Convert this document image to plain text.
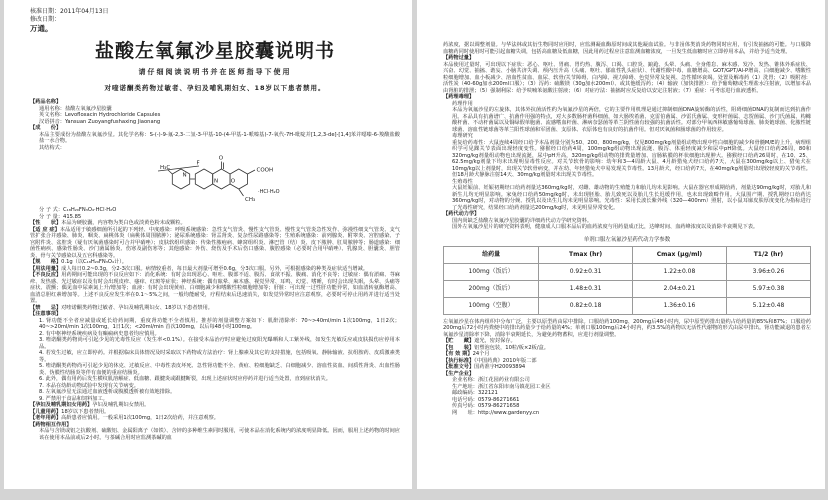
核准日期：2011年04月13日
修改日期：
万通。
盐酸左氧氟沙星胶囊说明书
请仔细阅读说明书并在医师指导下使用
对喹诺酮类药物过敏者、孕妇及哺乳期妇女、18岁以下患者禁用。
【药品名称】
通用名称：盐酸左氧氟沙星胶囊
英文名称：Levofloxacin Hydrochloride Capsules
汉语拼音：Yansuan Zuoyangfushaxing Jiaonang
【成　　份】
本品主要成份为盐酸左氧氟沙星。其化学名称：S-(-)-9-氟-2,3-二氢-3-甲基-10-(4-甲基-1-哌嗪基)-7-氧代-7H-吡啶并[1,2,3-de]-[1,4]苯并噁嗪-6-羧酸盐酸盐一水合物。
其结构式：
H₃C
F
O
COOH
N
N O
CH₃
·HCl·H₂O
分 子 式：C₁₈H₂₀FN₃O₄·HCl·H₂O
分 子 量：415.85
【性　　状】本品为硬胶囊，内容物为类白色或淡黄色粉末或颗粒。
【适 应 症】本品适用于敏感细菌所引起的下列轻、中度感染：呼吸系统感染：急性支气管炎、慢性支气管炎、慢性支气管炎急性发作、弥漫性细支气管炎、支气管扩张合并感染、肺炎、咽炎、扁桃体炎（扁桃体周围脓肿）；泌尿系统感染：肾盂肾炎、复杂性尿路感染等；生殖系统感染：前列腺炎、附睾炎、宫腔感染、子宫附件炎、盆腔炎（疑有厌氧菌感染时可合并甲硝唑）；皮肤软组织感染：传染性脓疱病、蜂窝组织炎、淋巴管（结）炎、皮下脓肿、肛周脓肿等；肠道感染：细菌性痢疾、感染性肠炎、沙门菌属肠炎、伤寒及副伤寒等；其他感染：外伤、烧伤及手术后伤口感染、腹腔感染（必要时合用甲硝唑）、乳腺炎、胆囊炎、胆管炎、骨与关节感染以及五官科感染等。
【规　　格】0.1g（以C₁₈H₂₀FN₃O₄计）。
【用法用量】成人每日0.2~0.3g，分2-3次口服。病情较重者，每日最大剂量可增至0.6g，分3次口服。另外，可根据感染的种类及症状适当增减。
【不良反应】用药期间可能出现的不良反应如下：消化系统：有时会出现恶心、呕吐、腹部不适、腹泻、食欲不振、腹痛、消化不良等；过敏症：偶有淤癍、荨麻疹、发热感、光过敏症以及有时会出现皮疹、瘙痒、红斑等症状；神经系统：偶有眩晕、麻木感、视觉异常、耳鸣、幻觉、嗜睡，有时会出现失眠、头晕、头痛等症状、震颤；偶见血中尿素氮上升/增加等；血液：有时会出现黄疸、白细胞减少和嗜酸性粒细胞增加等；肝脏：可出现一过性肝功能异常，如血清转氨酶增高、血清总胆红素增加等。上述不良反应发生率在0.1～5%之间，一般均能耐受，疗程结束后迅速消失，如发觉异常时应注意观察，必要时可停止用药并进行适当处置。
【禁　　忌】对喹诺酮类药物过敏者、孕妇及哺乳期妇女、18岁以下患者禁用。
【注意事项】
1. 肾功能不全者应减量或延长给药间期，重度肾功能不全者慎用。推荐的剂量调整方案如下：肌酐清除率：70~>40ml/min 1次100mg，1日2次；40~>20ml/min 1次100mg，1日1次；<20ml/min 首次100mg，以后每48小时100mg。
2. 有中枢神经系统疾病及有癫痫病史患者均应慎用。
3. 喹诺酮类药物尚可引起少见的光毒性反应（发生率<0.1%）。在接受本品治疗时应避免过度阳光曝晒和人工紫外线，如发生光敏反应或皮肤损伤应停用本品。
4. 若发生过敏，应立即停药。并根据临床具体情况及时采取以下药物或方法治疗：肾上腺素及其它的支持措施，包括吸氧、静脉输液、抗组胺药、皮质激素类等。
5. 喹诺酮类药物尚可引起少见的休克、过敏反应、中毒性表皮坏死、急性肾功能不全、黄疸、粒细胞缺乏、白细胞减少、溶血性贫血、间质性肾炎、出血性肠炎、伪膜性结肠炎等伴有血便的重症结肠炎。
6. 此外，偶有用药后发生横纹肌溶解症、低血糖、跟腱炎或跟腱断裂，出现上述症状时应停药并进行适当处置，直到症状消失。
7. 本品在幼龄动物试验中发现有关节病变。
8. 左氧氟沙星无法通过血液透析或腹膜透析被有效地排除。
9. 严禁用于食品和饲料加工。
【孕妇及哺乳期妇女用药】孕妇及哺乳期妇女禁用。
【儿童用药】18岁以下患者禁用。
【老年用药】高龄患者应慎用。一般采用1次100mg，1日2次给药，并注意观察。
【药物相互作用】
本品与含镁或铝之抗酸剂、硫酸铝、金属阳离子（如铁）、含锌的多种维生素同时服用，可使本品在消化系统内的浓度明显降低。因而，服用上述药物的时间应该在使用本品前或后2小时。与茶碱合用时应监测茶碱的血
药浓度，据以调整剂量。与华法林或其衍生物同时应用时，应监测凝血酶原时间或其他凝血试验。与非甾体类消炎药物同时应用，有引发抽搐的可能。与口服降血糖药同时使用时可能引起血糖失调，包括高血糖及低血糖，因此用药过程应注意监测血糖浓度，一旦发生低血糖时应立即停用本品，并给予适当处理。
【药物过量】
本品使用过量时，可出现以下症状：恶心、呕吐、胃痛、胃灼热、腹泻、口渴、口腔炎、踉跄、头晕、头痛、全身倦怠、麻木感、发冷、发热、锥体外系症状、兴奋、幻觉、抽搐、谵妄、小脑共济失调、颅内压升高（头痛、呕吐、郁血性乳头症状）、代谢性酸中毒、血糖增高、GOT/GPT/Al-P增高、白细胞减少、嗜酸性粒细胞增加、血小板减少、溶血性贫血、血尿、软骨/关节障碍、白内障、视力障碍、色觉异常及复视、急性循环衰竭。处置及解毒药（1）洗胃；（2）吸附剂：活性炭（40-60g加水200ml口服）；（3）泻药：硫酸镁（30g加水200ml）、或其他缓泻药；（4）输液（加快排泄）：给予葡萄糖或生理盐水注射液，以增加本品由肾脏的排泄；（5）强制利尿：给予呋喃苯氨酸注射液；（6）对症疗法：抽搐时应反复给以安定注射液；（7）重症：可考虑进行血液透析。
【药理毒理】
药理作用
本品为氧氟沙星的左旋体，其体外抗菌活性约为氧氟沙星的两倍，它的主要作用机理是通过抑制细菌DNA旋转酶的活性，阻碍细菌DNA的复制而达到抗菌作用。本品具有抗菌谱广、抗菌作用强的特点，对大多数肠杆菌科细菌，如大肠埃希菌、克雷伯菌属、沙雷氏菌属、变形杆菌属、志贺菌属、沙门氏菌属、构橼酸杆菌、不动杆菌属以及铜绿假单胞菌、流感嗜血杆菌、淋病奈瑟菌等革兰阴性菌有较强的抗菌活性。对部分甲氧西林敏感葡萄球菌、肺炎链球菌、化脓性链球菌、溶血性链球菌等革兰阳性球菌和军团菌、支原体、衣原体也有良好的抗菌作用。但对厌氧菌和肠球菌的作用较差。
毒理研究
重复给药毒性：大鼠连续4周经口给予本品剂量分别为50、200、800mg/kg，仅见800mg/kg剂量组动物出现中性白细胞的减少和骨髓M/E的上升。病理组织学可见踝关节表面出现轻度变性。猕猴经口给药4周，100mg/kg组动物出现流涎、腹泻、体重轻度减少和尿中pH降低。大鼠经口给药26周，80和320mg/kg剂量组动物也出现流涎，尿中pH升高，320mg/kg组动物的排粪量增加、盲肠粘膜的杯状细胞出现肿大。猕猴经口给药26周时，在10、25、62.5mg/kg剂量下均未出现明显毒性反应。对关节软骨的影响：幼年和3—4周龄大鼠、4月龄猎兔犬经口给药7天，大鼠在300mg/kg以上、猎兔犬在10mg/kg以上剂量时，出现关节软骨病变，并在幼、年轻猎兔犬中易发现关节毒性。13月龄犬，经口给药7天，在40mg/kg剂量时出现较轻度的关节毒性。但18月龄犬静脉注射14天、30mg/kg剂量时未出现关节毒性。
生殖毒性
大鼠妊娠前、妊娠初期经口给药剂量达360mg/kg时，对雌、雄动物的生殖能力和胎儿均未见影响。大鼠在器官形成期给药，剂量达90mg/kg时，对胎儿和新生儿均无明显影响。家兔经口给药50mg/kg时，未出现胚胎、胎儿致死以及胎儿生长迟缓作用，也未出现致畸作用。大鼠围产期、授乳期经口给药达360mg/kg时，对动物的分娩、授乳以及出生儿均未见明显影响。光毒性：采用长波长紫外线（320—400nm）照射，以小鼠耳廓皮肤厚度变化为指标进行了光毒性研究，结果经口给药剂量达200mg/kg时，未见明显异常变化。
【药代动力学】
国内尚缺乏盐酸左氧氟沙星胶囊的详细药代动力学研究资料。
国外左氧氟沙星片的研究资料表明，健康成人口服本品后的血药浓度与用药量成正比，达峰时间、血药峰浓度以及消除半衰期见下表。
单剂口服左氧氟沙星药代动力学参数
给药量	Tmax (hr)	Cmax (μg/ml)	T1/2 (hr)
100mg（饭后）	0.92±0.31	1.22±0.08	3.96±0.26
200mg（饭后）	1.48±0.31	2.04±0.21	5.97±0.38
100mg（空腹）	0.82±0.18	1.36±0.16	5.12±0.48
左氧氟沙星在体内组织中分布广泛，主要以原型药由尿中排除。口服给药100mg、200mg后48小时内，尿中原型药排出量约占给药量的85%和87%；口服给药200mg后72小时内粪便中的排出药量少于给药量的4%；单剂口服100mg后24小时内，约3.5%的药物以无活性代谢物的形式由尿中排出。肾功能减退的患者左氧氟沙星清除率下降，消除半衰期延长，为避免药物蓄积，应进行剂量调整。
【贮　　藏】遮光，密封保存。
【包　　装】铝塑泡包装，10粒/板×2板/盒。
【有 效 期】24个月
【执行标准】《中国药典》2010年版二部
【批准文号】国药准字H20093894
【生产企业】
企业名称：浙江花园药业有限公司
生产地址：浙江省东阳市南马镇花园工业区
邮政编码：322121
电话号码：0579-86271661
传真号码：0579-86271658
网　　址：http://www.gardenyy.cn
